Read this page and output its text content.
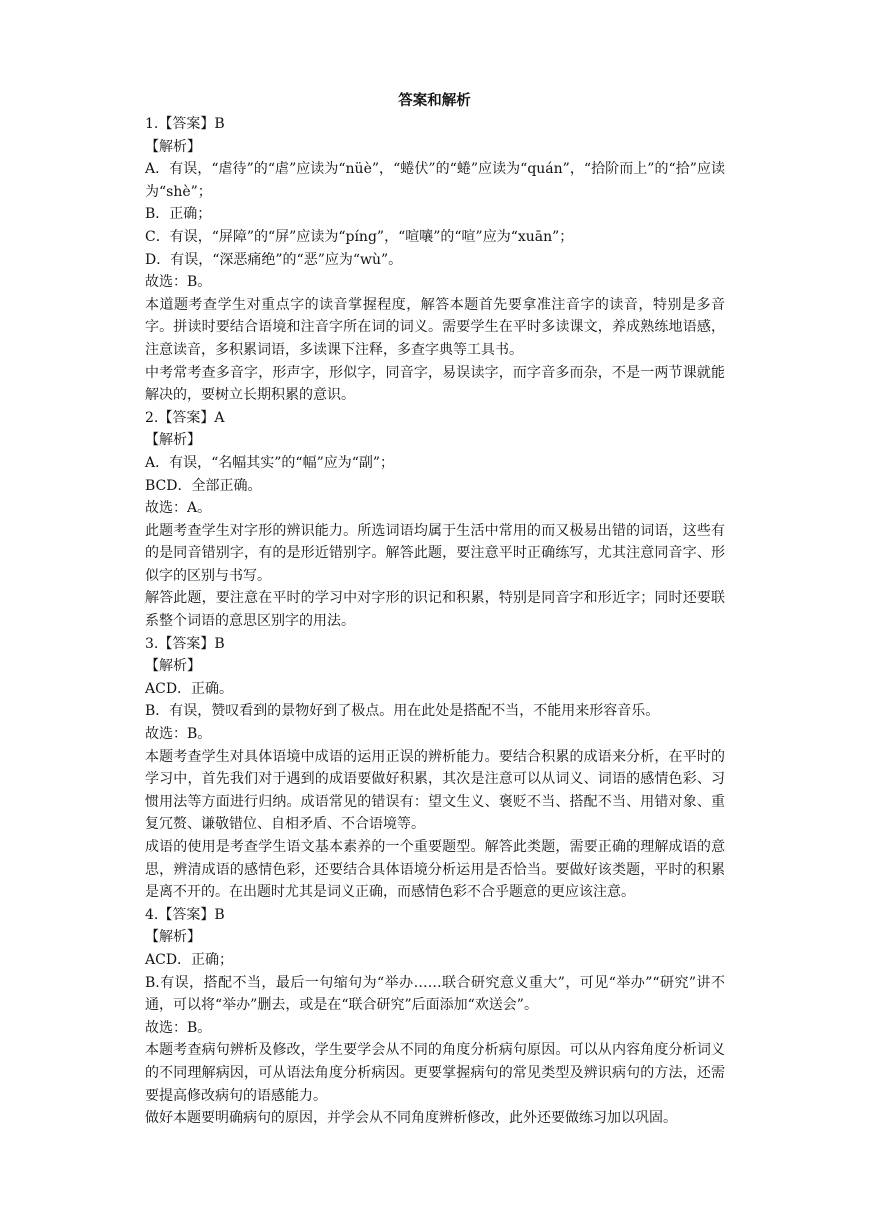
答案和解析

1.【答案】B

【解析】

A．有误，“虐待”的“虐”应读为“nüè”，“蜷伏”的“蜷”应读为“quán”，“拾阶而上”的“拾”应读为“shè”；

B．正确；

C．有误，“屏障”的“屏”应读为“píng”，“喧嚷”的“喧”应为“xuān”；

D．有误，“深恶痛绝”的“恶”应为“wù”。

故选：B。

本道题考查学生对重点字的读音掌握程度，解答本题首先要拿准注音字的读音，特别是多音字。拼读时要结合语境和注音字所在词的词义。需要学生在平时多读课文，养成熟练地语感，注意读音，多积累词语，多读课下注释，多查字典等工具书。

中考常考查多音字，形声字，形似字，同音字，易误读字，而字音多而杂，不是一两节课就能解决的，要树立长期积累的意识。

2.【答案】A

【解析】

A．有误，“名幅其实”的“幅”应为“副”；

BCD．全部正确。

故选：A。

此题考查学生对字形的辨识能力。所选词语均属于生活中常用的而又极易出错的词语，这些有的是同音错别字，有的是形近错别字。解答此题，要注意平时正确练写，尤其注意同音字、形似字的区别与书写。

解答此题，要注意在平时的学习中对字形的识记和积累，特别是同音字和形近字；同时还要联系整个词语的意思区别字的用法。

3.【答案】B

【解析】

ACD．正确。

B．有误，赞叹看到的景物好到了极点。用在此处是搭配不当，不能用来形容音乐。

故选：B。

本题考查学生对具体语境中成语的运用正误的辨析能力。要结合积累的成语来分析，在平时的学习中，首先我们对于遇到的成语要做好积累，其次是注意可以从词义、词语的感情色彩、习惯用法等方面进行归纳。成语常见的错误有：望文生义、褒贬不当、搭配不当、用错对象、重复冗赘、谦敬错位、自相矛盾、不合语境等。

成语的使用是考查学生语文基本素养的一个重要题型。解答此类题，需要正确的理解成语的意思，辨清成语的感情色彩，还要结合具体语境分析运用是否恰当。要做好该类题，平时的积累是离不开的。在出题时尤其是词义正确，而感情色彩不合乎题意的更应该注意。

4.【答案】B

【解析】

ACD．正确；

B.有误，搭配不当，最后一句缩句为“举办……联合研究意义重大”，可见“举办”“研究”讲不通，可以将“举办”删去，或是在“联合研究”后面添加“欢送会”。

故选：B。

本题考查病句辨析及修改，学生要学会从不同的角度分析病句原因。可以从内容角度分析词义的不同理解病因，可从语法角度分析病因。更要掌握病句的常见类型及辨识病句的方法，还需要提高修改病句的语感能力。

做好本题要明确病句的原因，并学会从不同角度辨析修改，此外还要做练习加以巩固。
